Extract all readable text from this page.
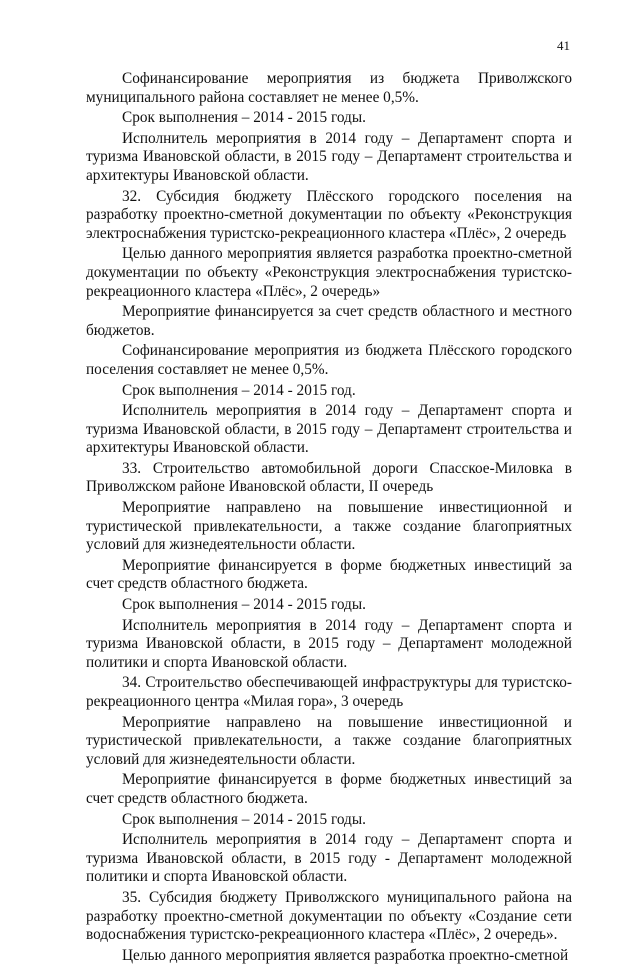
41

Софинансирование мероприятия из бюджета Приволжского муниципального района составляет не менее 0,5%.

Срок выполнения – 2014 - 2015 годы.

Исполнитель мероприятия в 2014 году – Департамент спорта и туризма Ивановской области, в 2015 году – Департамент строительства и архитектуры Ивановской области.

32. Субсидия бюджету Плёсского городского поселения на разработку проектно-сметной документации по объекту «Реконструкция электроснабжения туристско-рекреационного кластера «Плёс», 2 очередь

Целью данного мероприятия является разработка проектно-сметной документации по объекту «Реконструкция электроснабжения туристско-рекреационного кластера «Плёс», 2 очередь»

Мероприятие финансируется за счет средств областного и местного бюджетов.

Софинансирование мероприятия из бюджета Плёсского городского поселения составляет не менее 0,5%.

Срок выполнения – 2014 - 2015 год.

Исполнитель мероприятия в 2014 году – Департамент спорта и туризма Ивановской области, в 2015 году – Департамент строительства и архитектуры Ивановской области.

33. Строительство автомобильной дороги Спасское-Миловка в Приволжском районе Ивановской области, II очередь

Мероприятие направлено на повышение инвестиционной и туристической привлекательности, а также создание благоприятных условий для жизнедеятельности области.

Мероприятие финансируется в форме бюджетных инвестиций за счет средств областного бюджета.

Срок выполнения – 2014 - 2015 годы.

Исполнитель мероприятия в 2014 году – Департамент спорта и туризма Ивановской области, в 2015 году – Департамент молодежной политики и спорта Ивановской области.

34. Строительство обеспечивающей инфраструктуры для туристско-рекреационного центра «Милая гора», 3 очередь

Мероприятие направлено на повышение инвестиционной и туристической привлекательности, а также создание благоприятных условий для жизнедеятельности области.

Мероприятие финансируется в форме бюджетных инвестиций за счет средств областного бюджета.

Срок выполнения – 2014 - 2015 годы.

Исполнитель мероприятия в 2014 году – Департамент спорта и туризма Ивановской области, в 2015 году - Департамент молодежной политики и спорта Ивановской области.

35. Субсидия бюджету Приволжского муниципального района на разработку проектно-сметной документации по объекту «Создание сети водоснабжения туристско-рекреационного кластера «Плёс», 2 очередь».

Целью данного мероприятия является разработка проектно-сметной
